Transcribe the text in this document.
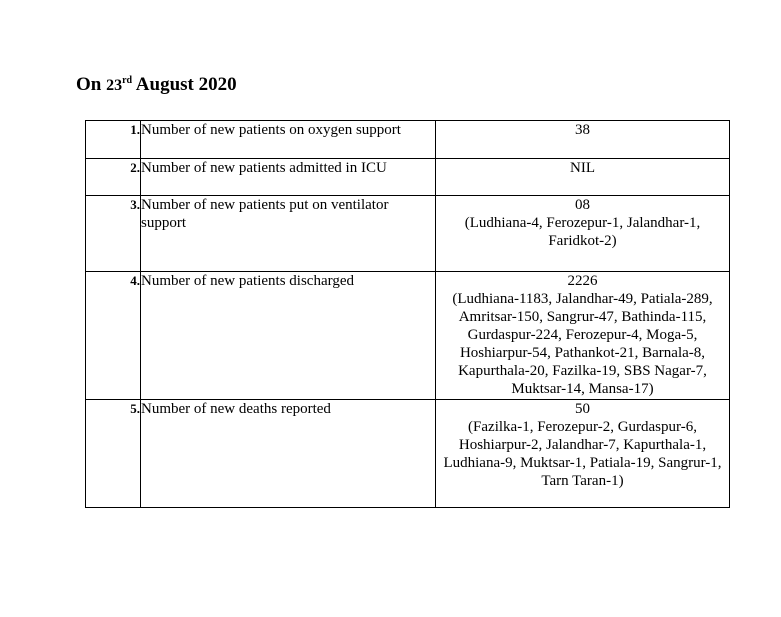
On 23rd August 2020
1.	Number of new patients on oxygen support	38

2.	Number of new patients admitted in ICU	NIL

3.	Number of new patients put on ventilator support	08
(Ludhiana-4, Ferozepur-1, Jalandhar-1, Faridkot-2)

4.	Number of new patients discharged	2226
(Ludhiana-1183, Jalandhar-49, Patiala-289, Amritsar-150, Sangrur-47, Bathinda-115, Gurdaspur-224, Ferozepur-4, Moga-5, Hoshiarpur-54, Pathankot-21, Barnala-8, Kapurthala-20, Fazilka-19, SBS Nagar-7, Muktsar-14, Mansa-17)

5.	Number of new deaths reported	50
(Fazilka-1, Ferozepur-2, Gurdaspur-6, Hoshiarpur-2, Jalandhar-7, Kapurthala-1, Ludhiana-9, Muktsar-1, Patiala-19, Sangrur-1, Tarn Taran-1)
